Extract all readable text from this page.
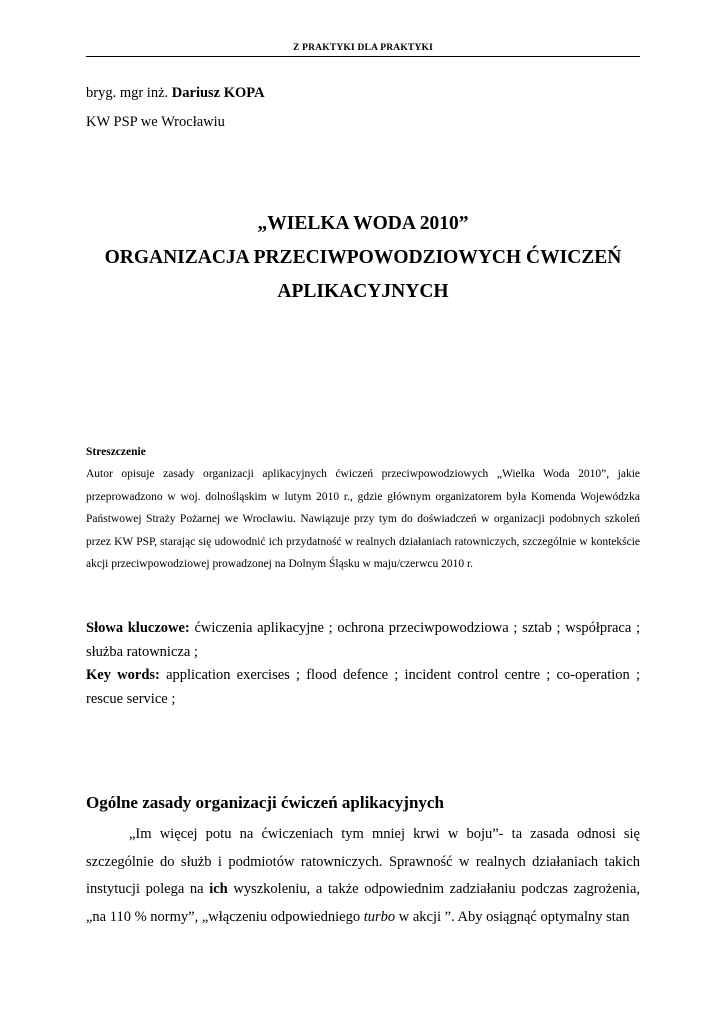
Z PRAKTYKI DLA PRAKTYKI
bryg. mgr inż. Dariusz KOPA
KW PSP we Wrocławiu
„WIELKA WODA 2010”
ORGANIZACJA PRZECIWPOWODZIOWYCH ĆWICZEŃ
APLIKACYJNYCH
Streszczenie
Autor opisuje zasady organizacji aplikacyjnych ćwiczeń przeciwpowodziowych „Wielka Woda 2010”, jakie przeprowadzono w woj. dolnośląskim w lutym 2010 r., gdzie głównym organizatorem była Komenda Wojewódzka Państwowej Straży Pożarnej we Wrocławiu. Nawiązuje przy tym do doświadczeń w organizacji podobnych szkoleń przez KW PSP, starając się udowodnić ich przydatność w realnych działaniach ratowniczych, szczególnie w kontekście akcji przeciwpowodziowej prowadzonej na Dolnym Śląsku w maju/czerwcu 2010 r.

Słowa kluczowe: ćwiczenia aplikacyjne ; ochrona przeciwpowodziowa ; sztab ; współpraca ; służba ratownicza ;

Key words: application exercises ; flood defence ; incident control centre ; co-operation ; rescue service ;

Ogólne zasady organizacji ćwiczeń aplikacyjnych

„Im więcej potu na ćwiczeniach tym mniej krwi w boju”- ta zasada odnosi się szczególnie do służb i podmiotów ratowniczych. Sprawność w realnych działaniach takich instytucji polega na ich wyszkoleniu, a także odpowiednim zadziałaniu podczas zagrożenia, „na 110 % normy”, „włączeniu odpowiedniego turbo w akcji ”. Aby osiągnąć optymalny stan
